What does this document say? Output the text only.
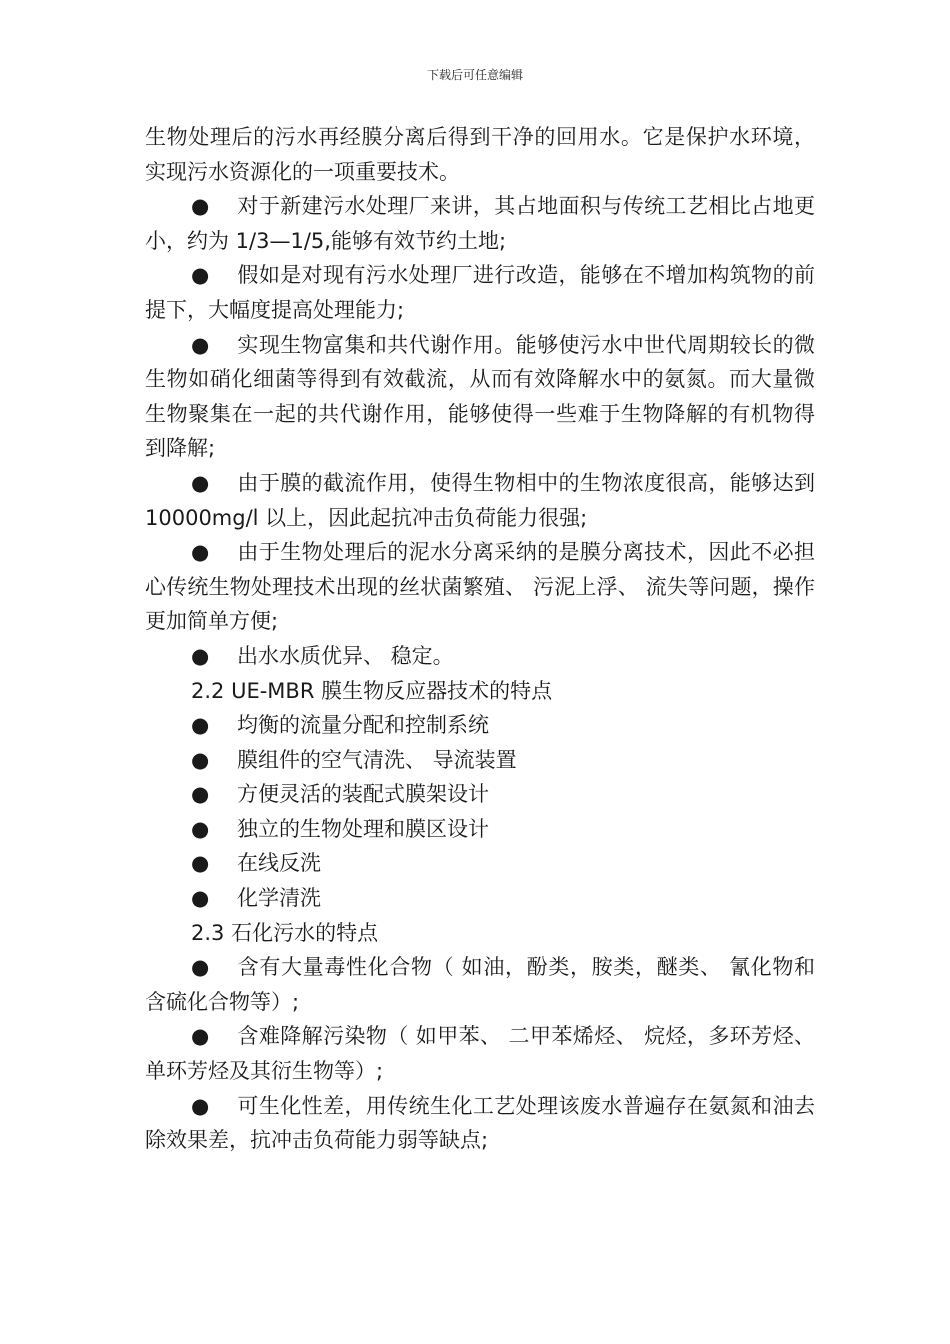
下载后可任意编辑

生物处理后的污水再经膜分离后得到干净的回用水。它是保护水环境，实现污水资源化的一项重要技术。

● 对于新建污水处理厂来讲，其占地面积与传统工艺相比占地更小，约为 1/3—1/5,能够有效节约土地;

● 假如是对现有污水处理厂进行改造，能够在不增加构筑物的前提下，大幅度提高处理能力;

● 实现生物富集和共代谢作用。能够使污水中世代周期较长的微生物如硝化细菌等得到有效截流，从而有效降解水中的氨氮。而大量微生物聚集在一起的共代谢作用，能够使得一些难于生物降解的有机物得到降解;

● 由于膜的截流作用，使得生物相中的生物浓度很高，能够达到 10000mg/l 以上，因此起抗冲击负荷能力很强;

● 由于生物处理后的泥水分离采纳的是膜分离技术，因此不必担心传统生物处理技术出现的丝状菌繁殖、 污泥上浮、 流失等问题，操作更加简单方便;

● 出水水质优异、 稳定。

2.2 UE-MBR 膜生物反应器技术的特点

● 均衡的流量分配和控制系统

● 膜组件的空气清洗、 导流装置

● 方便灵活的装配式膜架设计

● 独立的生物处理和膜区设计

● 在线反洗

● 化学清洗

2.3 石化污水的特点

● 含有大量毒性化合物（ 如油，酚类，胺类，醚类、 氰化物和含硫化合物等）;

● 含难降解污染物（ 如甲苯、 二甲苯烯烃、 烷烃，多环芳烃、 单环芳烃及其衍生物等）;

● 可生化性差，用传统生化工艺处理该废水普遍存在氨氮和油去除效果差，抗冲击负荷能力弱等缺点;
